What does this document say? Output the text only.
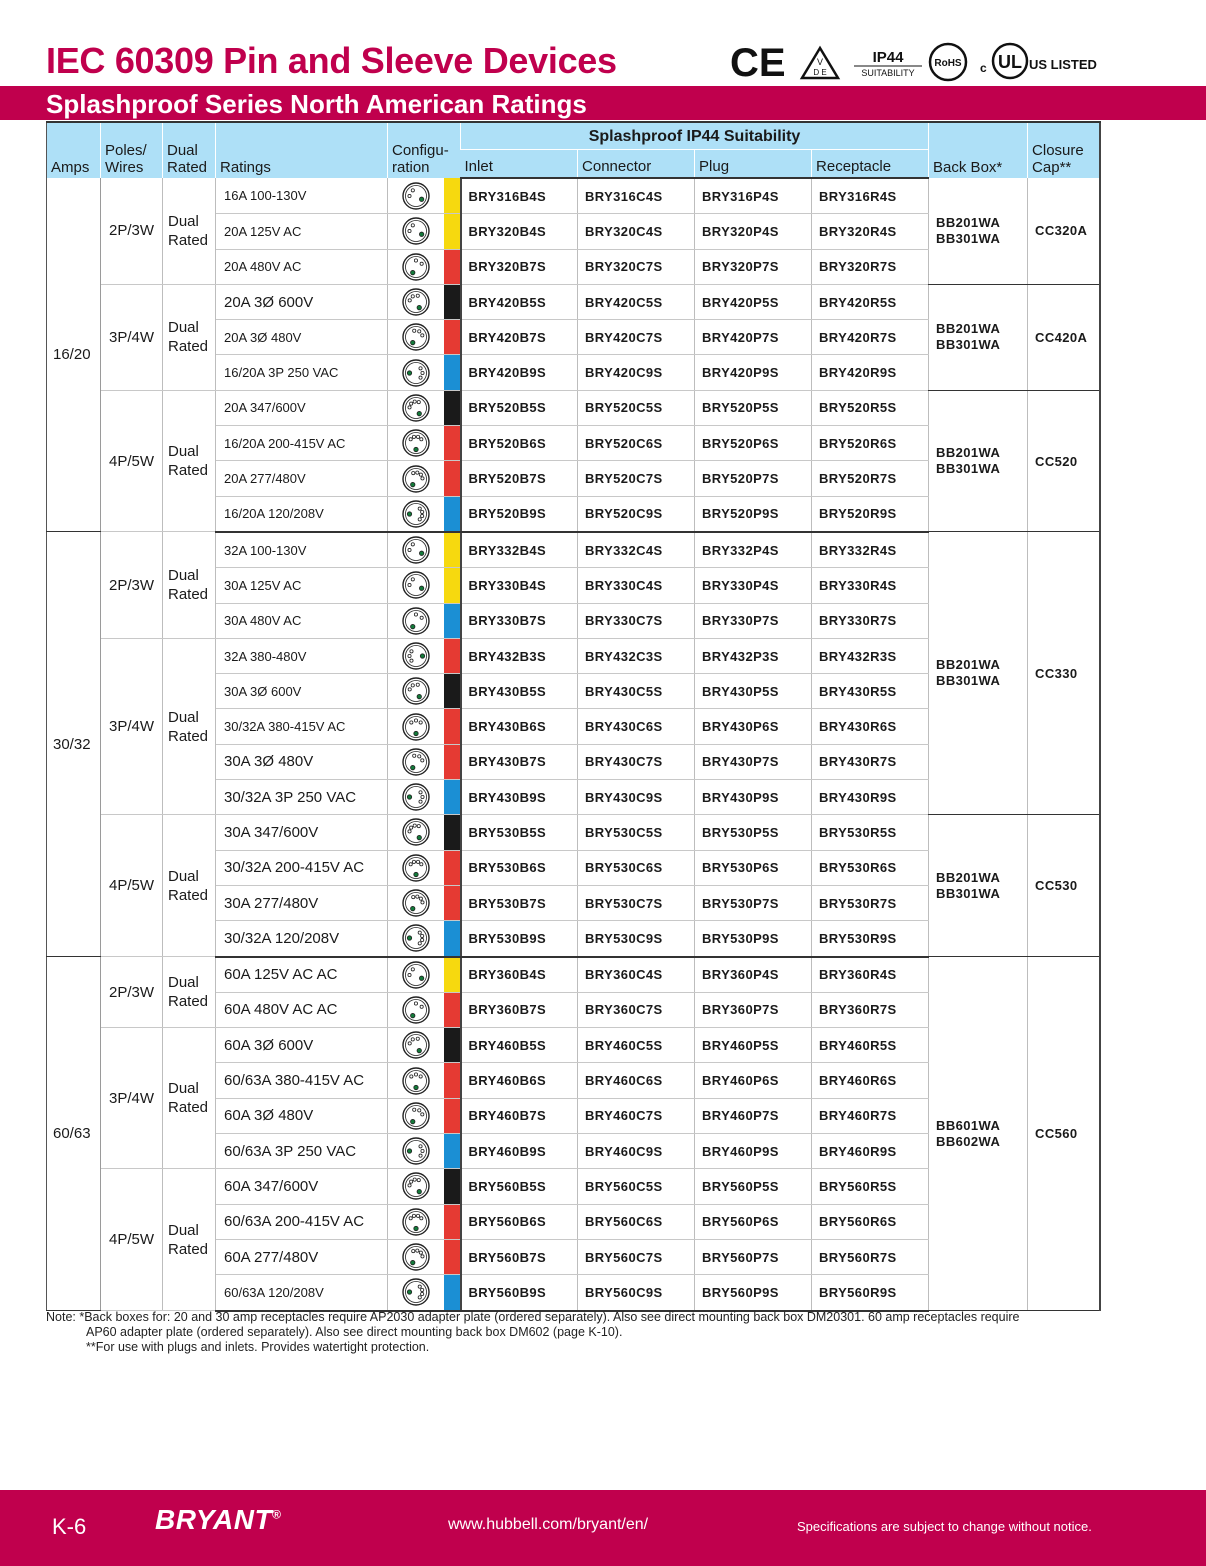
IEC 60309 Pin and Sleeve Devices	CE	V
D E
IP44
SUITABILITY
RoHS c UL US LISTED
Splashproof Series North American Ratings
Amps	Poles/
Wires	Dual
Rated	Ratings	Configu-
ration		Splashproof IP44 Suitability				Back Box*	Closure
Cap**
						Inlet	Connector	Plug	Receptacle		
16/20	2P/3W	Dual
Rated	16A 100-130V			BRY316B4S	BRY316C4S	BRY316P4S	BRY316R4S	BB201WA
BB301WA	CC320A
			20A 125V AC			BRY320B4S	BRY320C4S	BRY320P4S	BRY320R4S		
			20A 480V AC			BRY320B7S	BRY320C7S	BRY320P7S	BRY320R7S		
	3P/4W	Dual
Rated	20A 3Ø 600V			BRY420B5S	BRY420C5S	BRY420P5S	BRY420R5S	BB201WA
BB301WA	CC420A
			20A 3Ø 480V			BRY420B7S	BRY420C7S	BRY420P7S	BRY420R7S		
			16/20A 3P 250 VAC			BRY420B9S	BRY420C9S	BRY420P9S	BRY420R9S		
	4P/5W	Dual
Rated	20A 347/600V			BRY520B5S	BRY520C5S	BRY520P5S	BRY520R5S	BB201WA
BB301WA	CC520
			16/20A 200-415V AC			BRY520B6S	BRY520C6S	BRY520P6S	BRY520R6S		
			20A 277/480V			BRY520B7S	BRY520C7S	BRY520P7S	BRY520R7S		
			16/20A 120/208V			BRY520B9S	BRY520C9S	BRY520P9S	BRY520R9S		
30/32	2P/3W	Dual
Rated	32A 100-130V			BRY332B4S	BRY332C4S	BRY332P4S	BRY332R4S	BB201WA
BB301WA	CC330
			30A 125V AC			BRY330B4S	BRY330C4S	BRY330P4S	BRY330R4S		
			30A 480V AC			BRY330B7S	BRY330C7S	BRY330P7S	BRY330R7S		
	3P/4W	Dual
Rated	32A 380-480V			BRY432B3S	BRY432C3S	BRY432P3S	BRY432R3S		
			30A 3Ø 600V			BRY430B5S	BRY430C5S	BRY430P5S	BRY430R5S		
			30/32A 380-415V AC			BRY430B6S	BRY430C6S	BRY430P6S	BRY430R6S		
			30A 3Ø 480V			BRY430B7S	BRY430C7S	BRY430P7S	BRY430R7S		
			30/32A 3P 250 VAC			BRY430B9S	BRY430C9S	BRY430P9S	BRY430R9S		
	4P/5W	Dual
Rated	30A 347/600V			BRY530B5S	BRY530C5S	BRY530P5S	BRY530R5S	BB201WA
BB301WA	CC530
			30/32A 200-415V AC			BRY530B6S	BRY530C6S	BRY530P6S	BRY530R6S		
			30A 277/480V			BRY530B7S	BRY530C7S	BRY530P7S	BRY530R7S		
			30/32A 120/208V			BRY530B9S	BRY530C9S	BRY530P9S	BRY530R9S		
60/63	2P/3W	Dual
Rated	60A 125V AC AC			BRY360B4S	BRY360C4S	BRY360P4S	BRY360R4S	BB601WA
BB602WA	CC560
			60A 480V AC AC			BRY360B7S	BRY360C7S	BRY360P7S	BRY360R7S		
	3P/4W	Dual
Rated	60A 3Ø 600V			BRY460B5S	BRY460C5S	BRY460P5S	BRY460R5S		
			60/63A 380-415V AC			BRY460B6S	BRY460C6S	BRY460P6S	BRY460R6S		
			60A 3Ø 480V			BRY460B7S	BRY460C7S	BRY460P7S	BRY460R7S		
			60/63A 3P 250 VAC			BRY460B9S	BRY460C9S	BRY460P9S	BRY460R9S		
	4P/5W	Dual
Rated	60A 347/600V			BRY560B5S	BRY560C5S	BRY560P5S	BRY560R5S		
			60/63A 200-415V AC			BRY560B6S	BRY560C6S	BRY560P6S	BRY560R6S		
			60A 277/480V			BRY560B7S	BRY560C7S	BRY560P7S	BRY560R7S		
			60/63A 120/208V			BRY560B9S	BRY560C9S	BRY560P9S	BRY560R9S		

Note: *Back boxes for: 20 and 30 amp receptacles require AP2030 adapter plate (ordered separately). Also see direct mounting back box DM20301. 60 amp receptacles require
AP60 adapter plate (ordered separately). Also see direct mounting back box DM602 (page K-10).
**For use with plugs and inlets. Provides watertight protection.

K-6 BRYANT®
www.hubbell.com/bryant/en/	Specifications are subject to change without notice.
